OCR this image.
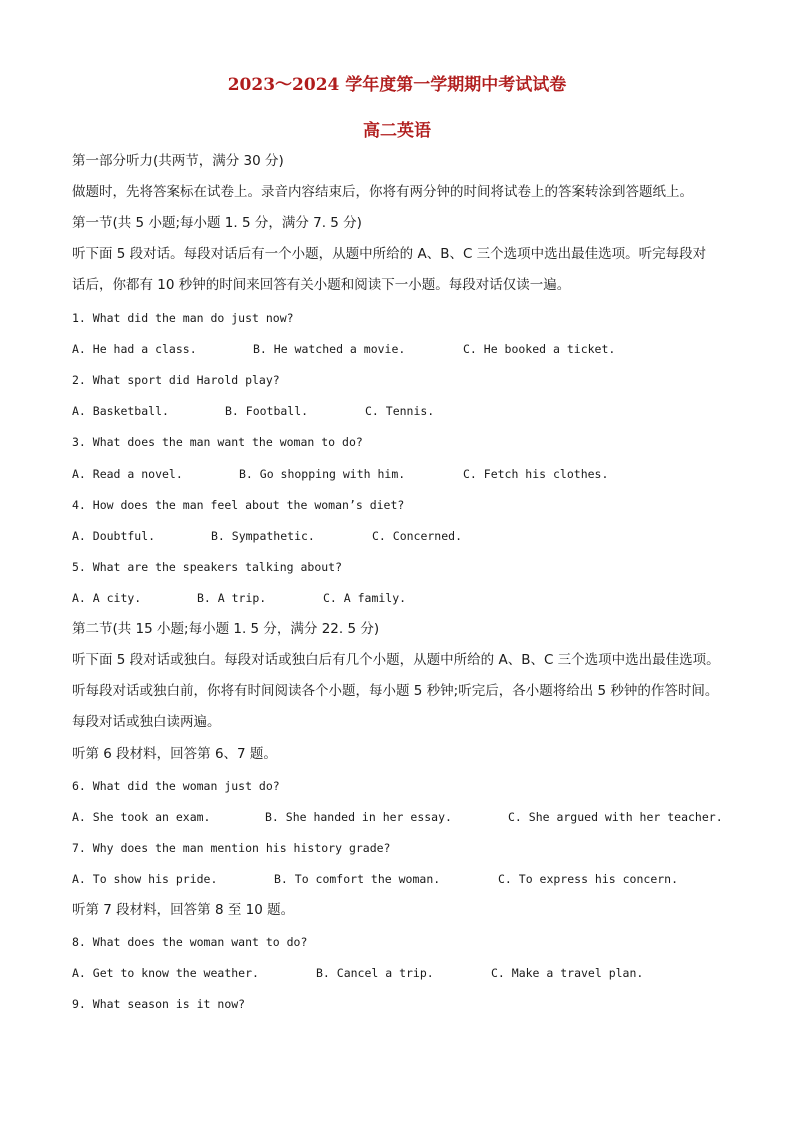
2023～2024 学年度第一学期期中考试试卷
高二英语
第一部分听力(共两节，满分 30 分)
做题时，先将答案标在试卷上。录音内容结束后，你将有两分钟的时间将试卷上的答案转涂到答题纸上。
第一节(共 5 小题;每小题 1. 5 分，满分 7. 5 分)
听下面 5 段对话。每段对话后有一个小题，从题中所给的 A、B、C 三个选项中选出最佳选项。听完每段对
话后，你都有 10 秒钟的时间来回答有关小题和阅读下一小题。每段对话仅读一遍。
1. What did the man do just now?
A. He had a class.	B. He watched a movie.	C. He booked a ticket.
2. What sport did Harold play?
A. Basketball.	B. Football.	C. Tennis.
3. What does the man want the woman to do?
A. Read a novel.	B. Go shopping with him.	C. Fetch his clothes.
4. How does the man feel about the woman’s diet?
A. Doubtful.	B. Sympathetic.	C. Concerned.
5. What are the speakers talking about?
A. A city.	B. A trip.	C. A family.
第二节(共 15 小题;每小题 1. 5 分，满分 22. 5 分)
听下面 5 段对话或独白。每段对话或独白后有几个小题，从题中所给的 A、B、C 三个选项中选出最佳选项。
听每段对话或独白前，你将有时间阅读各个小题，每小题 5 秒钟;听完后，各小题将给出 5 秒钟的作答时间。
每段对话或独白读两遍。
听第 6 段材料，回答第 6、7 题。
6. What did the woman just do?
A. She took an exam.	B. She handed in her essay.	C. She argued with her teacher.
7. Why does the man mention his history grade?
A. To show his pride.	B. To comfort the woman.	C. To express his concern.
听第 7 段材料，回答第 8 至 10 题。
8. What does the woman want to do?
A. Get to know the weather.	B. Cancel a trip.	C. Make a travel plan.
9. What season is it now?
